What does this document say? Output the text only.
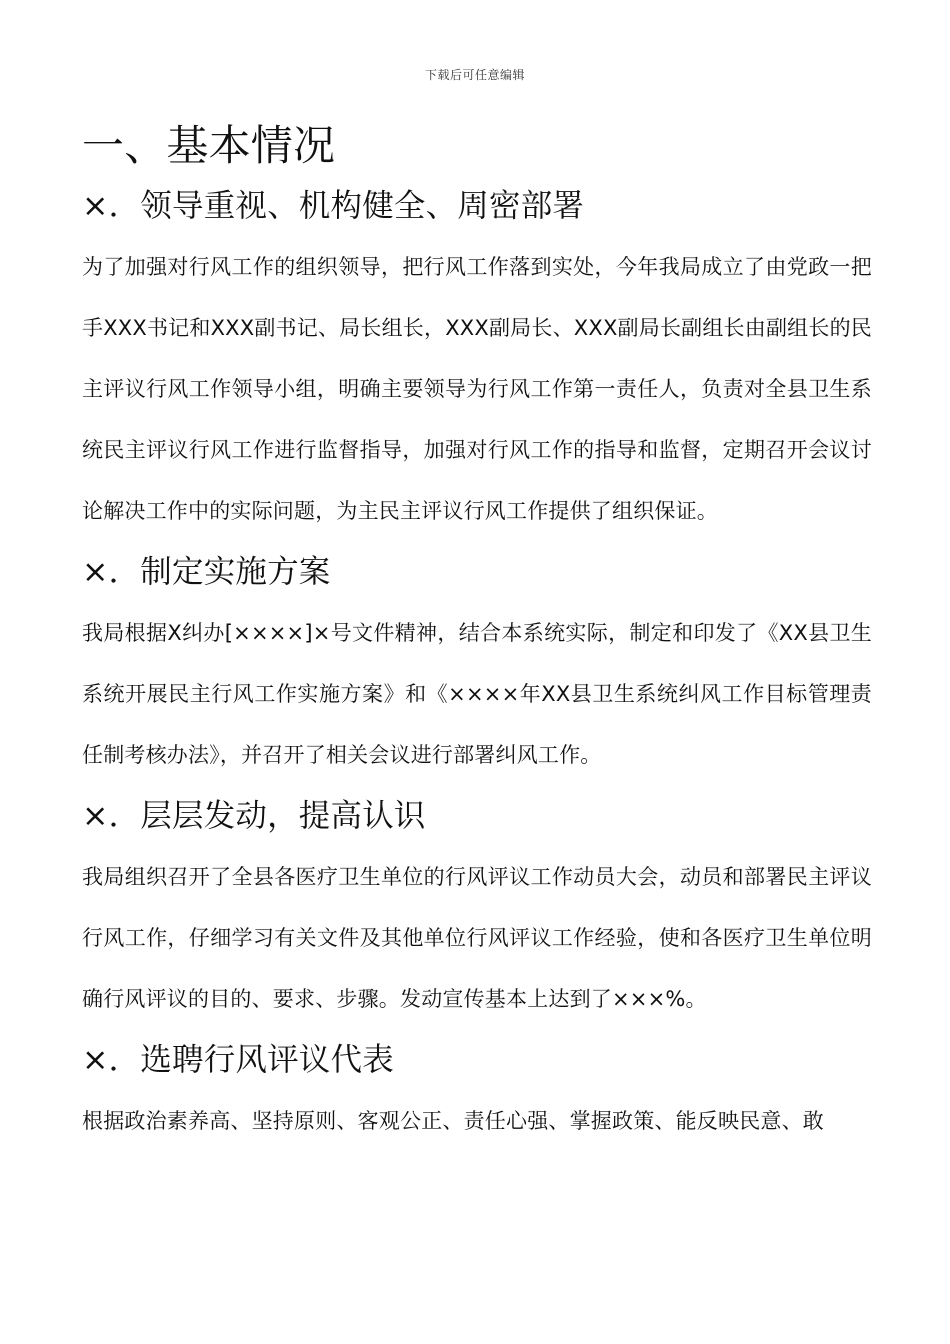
下载后可任意编辑
一、基本情况
×．领导重视、机构健全、周密部署

为了加强对行风工作的组织领导，把行风工作落到实处，今年我局成立了由党政一把手XXX书记和XXX副书记、局长组长，XXX副局长、XXX副局长副组长由副组长的民主评议行风工作领导小组，明确主要领导为行风工作第一责任人，负责对全县卫生系统民主评议行风工作进行监督指导，加强对行风工作的指导和监督，定期召开会议讨论解决工作中的实际问题，为主民主评议行风工作提供了组织保证。

×．制定实施方案

我局根据X纠办[××××]×号文件精神，结合本系统实际，制定和印发了《XX县卫生系统开展民主行风工作实施方案》和《××××年XX县卫生系统纠风工作目标管理责任制考核办法》，并召开了相关会议进行部署纠风工作。

×．层层发动，提高认识

我局组织召开了全县各医疗卫生单位的行风评议工作动员大会，动员和部署民主评议行风工作，仔细学习有关文件及其他单位行风评议工作经验，使和各医疗卫生单位明确行风评议的目的、要求、步骤。发动宣传基本上达到了×××%。

×．选聘行风评议代表

根据政治素养高、坚持原则、客观公正、责任心强、掌握政策、能反映民意、敢
